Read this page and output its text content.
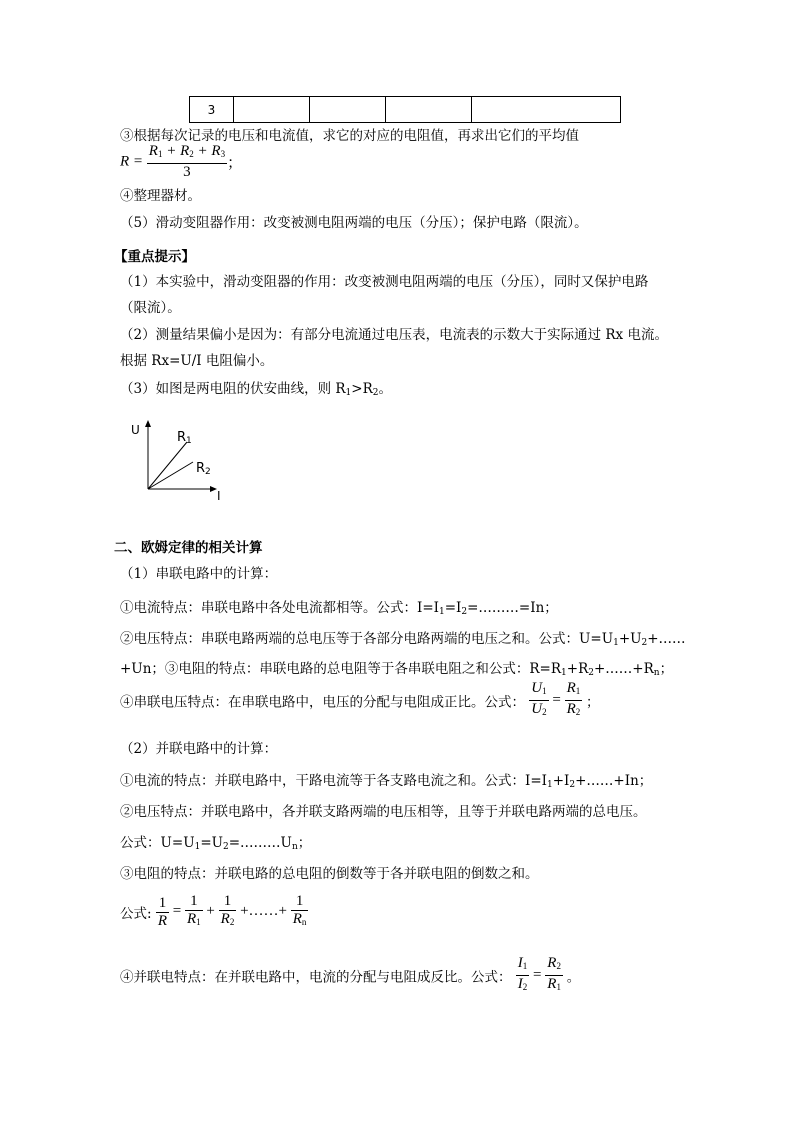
3				
③根据每次记录的电压和电流值，求它的对应的电阻值，再求出它们的平均值
$R = \frac{R_1 + R_2 + R_3}{3}$ ；
④整理器材。
（5）滑动变阻器作用：改变被测电阻两端的电压（分压）；保护电路（限流）。
【重点提示】
（1）本实验中，滑动变阻器的作用：改变被测电阻两端的电压（分压），同时又保护电路
（限流）。
（2）测量结果偏小是因为：有部分电流通过电压表，电流表的示数大于实际通过 Rx 电流。
根据 Rx=U/I 电阻偏小。
（3）如图是两电阻的伏安曲线，则 $R_1>R_2$。
U
I
$R_1$
$R_2$
二、欧姆定律的相关计算
（1）串联电路中的计算：
①电流特点：串联电路中各处电流都相等。公式：$I=I_1=I_2=\dots\dots\dots=In$；
②电压特点：串联电路两端的总电压等于各部分电路两端的电压之和。公式：$U=U_1+U_2+\dots\dots$
+Un；③电阻的特点：串联电路的总电阻等于各串联电阻之和公式：$R=R_1+R_2+\dots\dots+R_n$；
④串联电压特点：在串联电路中，电压的分配与电阻成正比。公式： $\frac{U_1}{U_2} = \frac{R_1}{R_2}$ ；
（2）并联电路中的计算：
①电流的特点：并联电路中，干路电流等于各支路电流之和。公式：$I=I_1+I_2+\dots\dots+In$；
②电压特点：并联电路中，各并联支路两端的电压相等，且等于并联电路两端的总电压。
公式：$U=U_1=U_2=\dots\dots\dots U_n$；
③电阻的特点：并联电路的总电阻的倒数等于各并联电阻的倒数之和。
公式: $\frac{1}{R} = \frac{1}{R_1} + \frac{1}{R_2}$ +……+ $\frac{1}{R_n}$
④并联电特点：在并联电路中，电流的分配与电阻成反比。公式： $\frac{I_1}{I_2} = \frac{R_2}{R_1}$ 。
